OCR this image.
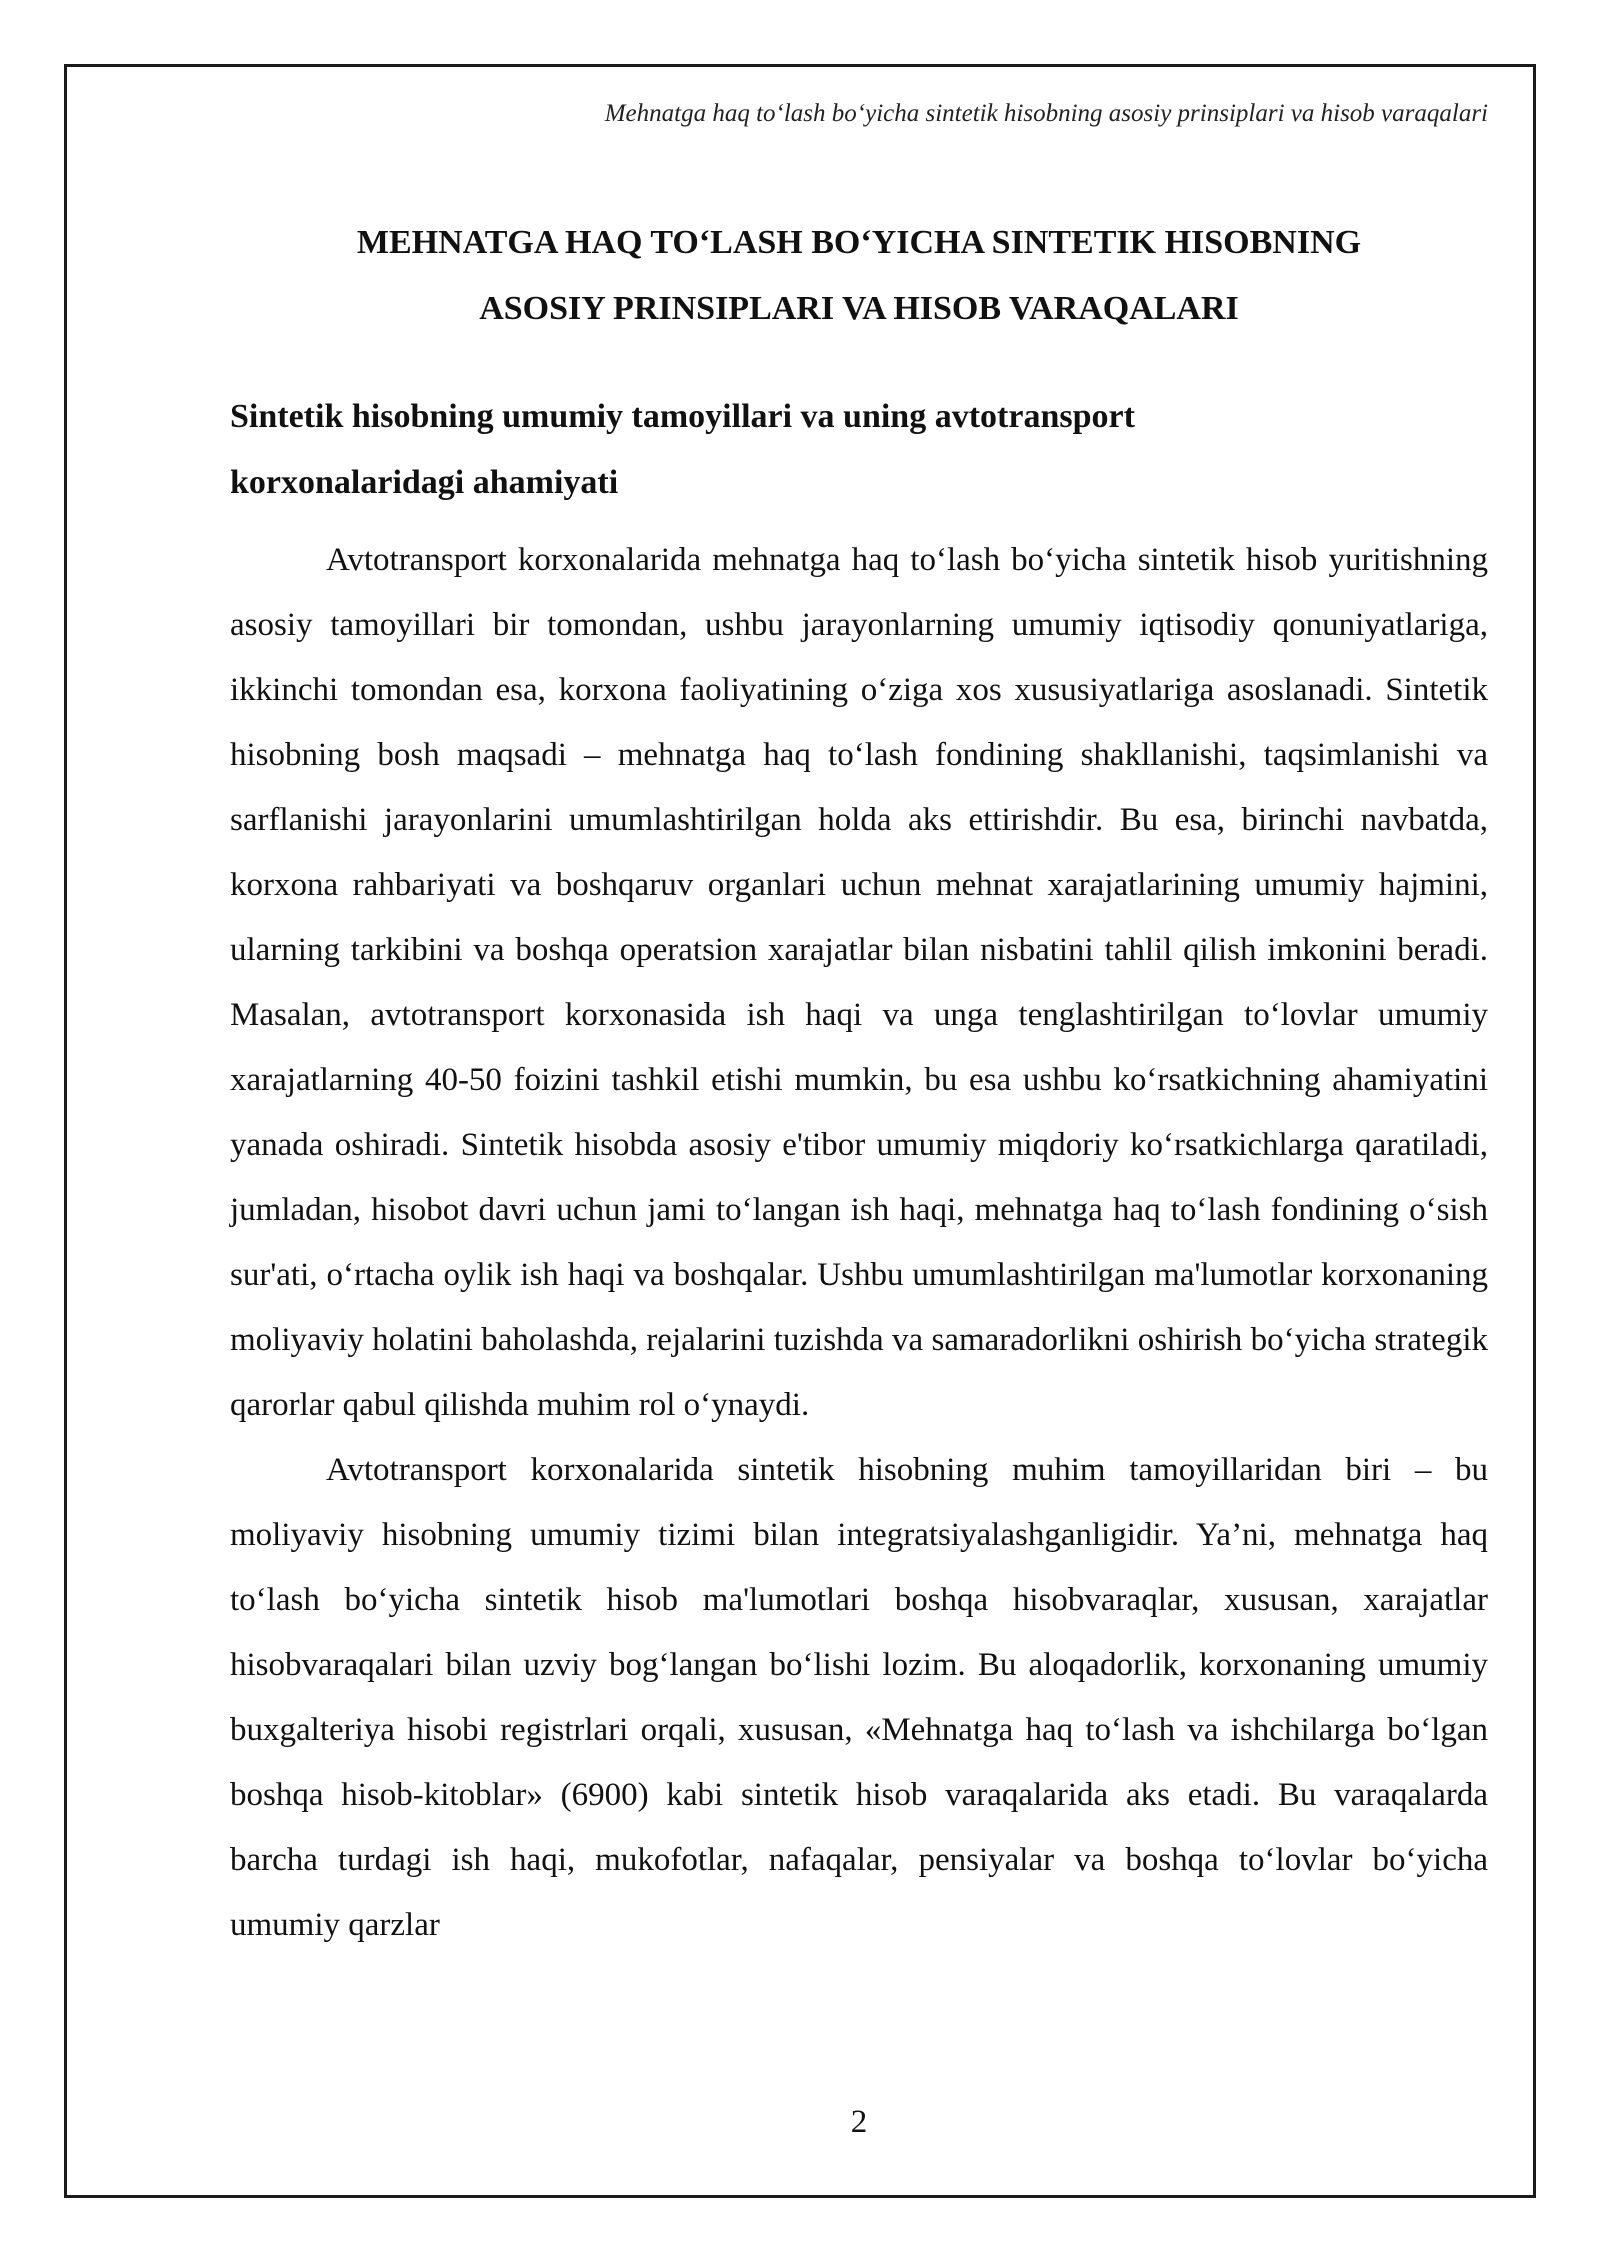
Mehnatga haq to‘lash bo‘yicha sintetik hisobning asosiy prinsiplari va hisob varaqalari
MEHNATGA HAQ TO‘LASH BO‘YICHA SINTETIK HISOBNING
ASOSIY PRINSIPLARI VA HISOB VARAQALARI
Sintetik hisobning umumiy tamoyillari va uning avtotransport
korxonalaridagi ahamiyati

Avtotransport korxonalarida mehnatga haq to‘lash bo‘yicha sintetik hisob yuritishning asosiy tamoyillari bir tomondan, ushbu jarayonlarning umumiy iqtisodiy qonuniyatlariga, ikkinchi tomondan esa, korxona faoliyatining o‘ziga xos xususiyatlariga asoslanadi. Sintetik hisobning bosh maqsadi – mehnatga haq to‘lash fondining shakllanishi, taqsimlanishi va sarflanishi jarayonlarini umumlashtirilgan holda aks ettirishdir. Bu esa, birinchi navbatda, korxona rahbariyati va boshqaruv organlari uchun mehnat xarajatlarining umumiy hajmini, ularning tarkibini va boshqa operatsion xarajatlar bilan nisbatini tahlil qilish imkonini beradi. Masalan, avtotransport korxonasida ish haqi va unga tenglashtirilgan to‘lovlar umumiy xarajatlarning 40-50 foizini tashkil etishi mumkin, bu esa ushbu ko‘rsatkichning ahamiyatini yanada oshiradi. Sintetik hisobda asosiy e'tibor umumiy miqdoriy ko‘rsatkichlarga qaratiladi, jumladan, hisobot davri uchun jami to‘langan ish haqi, mehnatga haq to‘lash fondining o‘sish sur'ati, o‘rtacha oylik ish haqi va boshqalar. Ushbu umumlashtirilgan ma'lumotlar korxonaning moliyaviy holatini baholashda, rejalarini tuzishda va samaradorlikni oshirish bo‘yicha strategik qarorlar qabul qilishda muhim rol o‘ynaydi.

Avtotransport korxonalarida sintetik hisobning muhim tamoyillaridan biri – bu moliyaviy hisobning umumiy tizimi bilan integratsiyalashganligidir. Ya’ni, mehnatga haq to‘lash bo‘yicha sintetik hisob ma'lumotlari boshqa hisobvaraqlar, xususan, xarajatlar hisobvaraqalari bilan uzviy bog‘langan bo‘lishi lozim. Bu aloqadorlik, korxonaning umumiy buxgalteriya hisobi registrlari orqali, xususan, «Mehnatga haq to‘lash va ishchilarga bo‘lgan boshqa hisob-kitoblar» (6900) kabi sintetik hisob varaqalarida aks etadi. Bu varaqalarda barcha turdagi ish haqi, mukofotlar, nafaqalar, pensiyalar va boshqa to‘lovlar bo‘yicha umumiy qarzlar

2
